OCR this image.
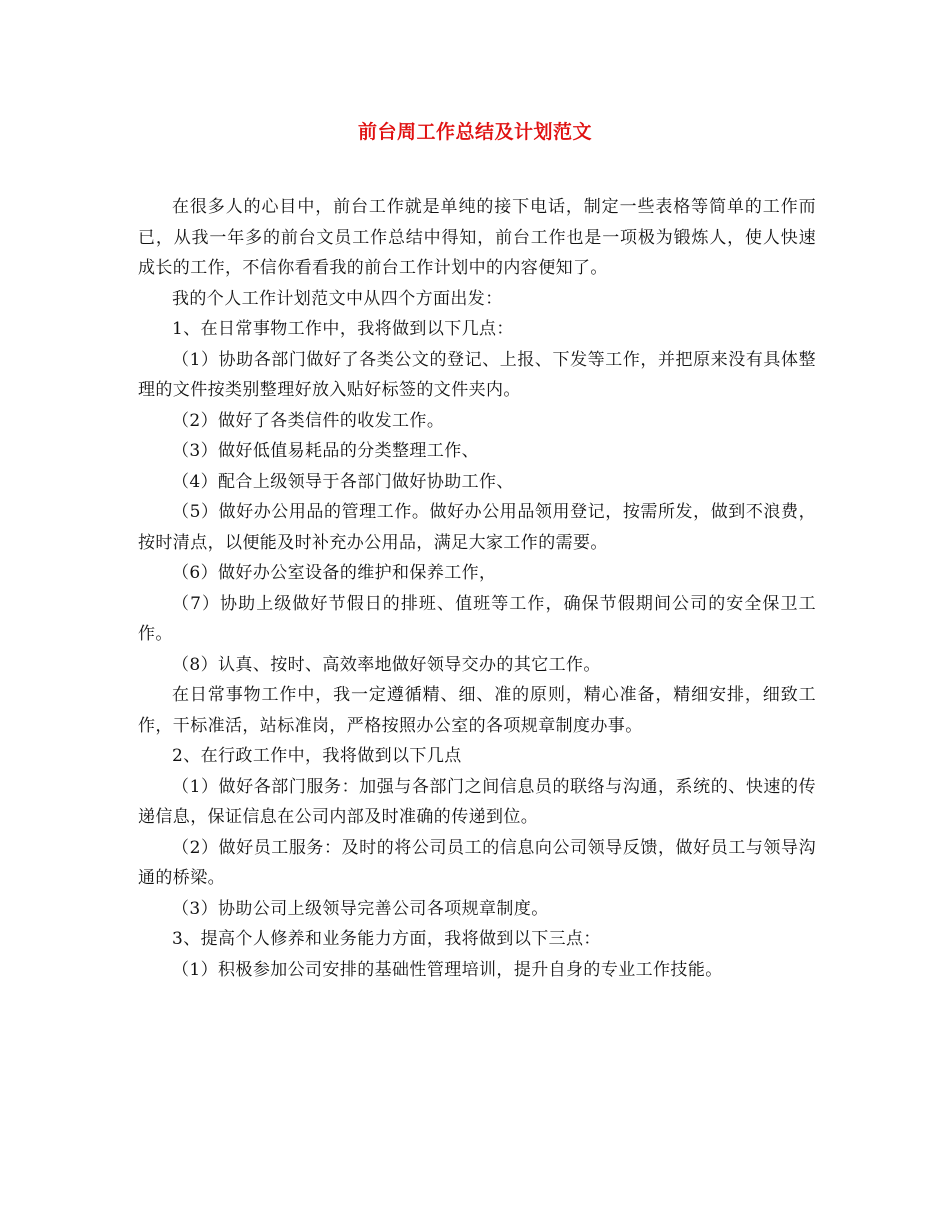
前台周工作总结及计划范文

在很多人的心目中，前台工作就是单纯的接下电话，制定一些表格等简单的工作而已，从我一年多的前台文员工作总结中得知，前台工作也是一项极为锻炼人，使人快速成长的工作，不信你看看我的前台工作计划中的内容便知了。

我的个人工作计划范文中从四个方面出发：

1、在日常事物工作中，我将做到以下几点：

（1）协助各部门做好了各类公文的登记、上报、下发等工作，并把原来没有具体整理的文件按类别整理好放入贴好标签的文件夹内。

（2）做好了各类信件的收发工作。

（3）做好低值易耗品的分类整理工作、

（4）配合上级领导于各部门做好协助工作、

（5）做好办公用品的管理工作。做好办公用品领用登记，按需所发，做到不浪费，按时清点，以便能及时补充办公用品，满足大家工作的需要。

（6）做好办公室设备的维护和保养工作，

（7）协助上级做好节假日的排班、值班等工作，确保节假期间公司的安全保卫工作。

（8）认真、按时、高效率地做好领导交办的其它工作。

在日常事物工作中，我一定遵循精、细、准的原则，精心准备，精细安排，细致工作，干标准活，站标准岗，严格按照办公室的各项规章制度办事。

2、在行政工作中，我将做到以下几点

（1）做好各部门服务：加强与各部门之间信息员的联络与沟通，系统的、快速的传递信息，保证信息在公司内部及时准确的传递到位。

（2）做好员工服务：及时的将公司员工的信息向公司领导反馈，做好员工与领导沟通的桥梁。

（3）协助公司上级领导完善公司各项规章制度。

3、提高个人修养和业务能力方面，我将做到以下三点：

（1）积极参加公司安排的基础性管理培训，提升自身的专业工作技能。
